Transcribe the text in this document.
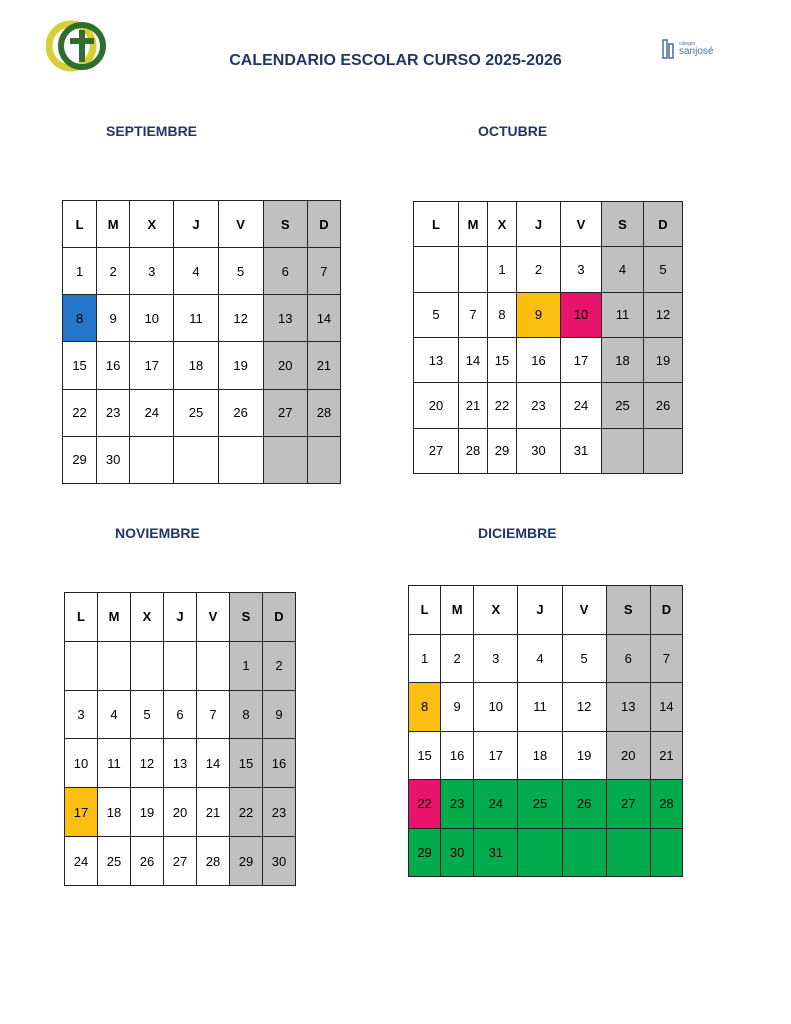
colegio
sanjosé
CALENDARIO ESCOLAR CURSO 2025-2026
SEPTIEMBRE	OCTUBRE
NOVIEMBRE	DICIEMBRE
L	M	X	J	V	S	D
1	2	3	4	5	6	7
8	9	10	11	12	13	14
15	16	17	18	19	20	21
22	23	24	25	26	27	28
29	30					
L	M	X	J	V	S	D
		1	2	3	4	5
5	7	8	9	10	11	12
13	14	15	16	17	18	19
20	21	22	23	24	25	26
27	28	29	30	31		
L	M	X	J	V	S	D
					1	2
3	4	5	6	7	8	9
10	11	12	13	14	15	16
17	18	19	20	21	22	23
24	25	26	27	28	29	30
L	M	X	J	V	S	D
1	2	3	4	5	6	7
8	9	10	11	12	13	14
15	16	17	18	19	20	21
22	23	24	25	26	27	28
29	30	31				
